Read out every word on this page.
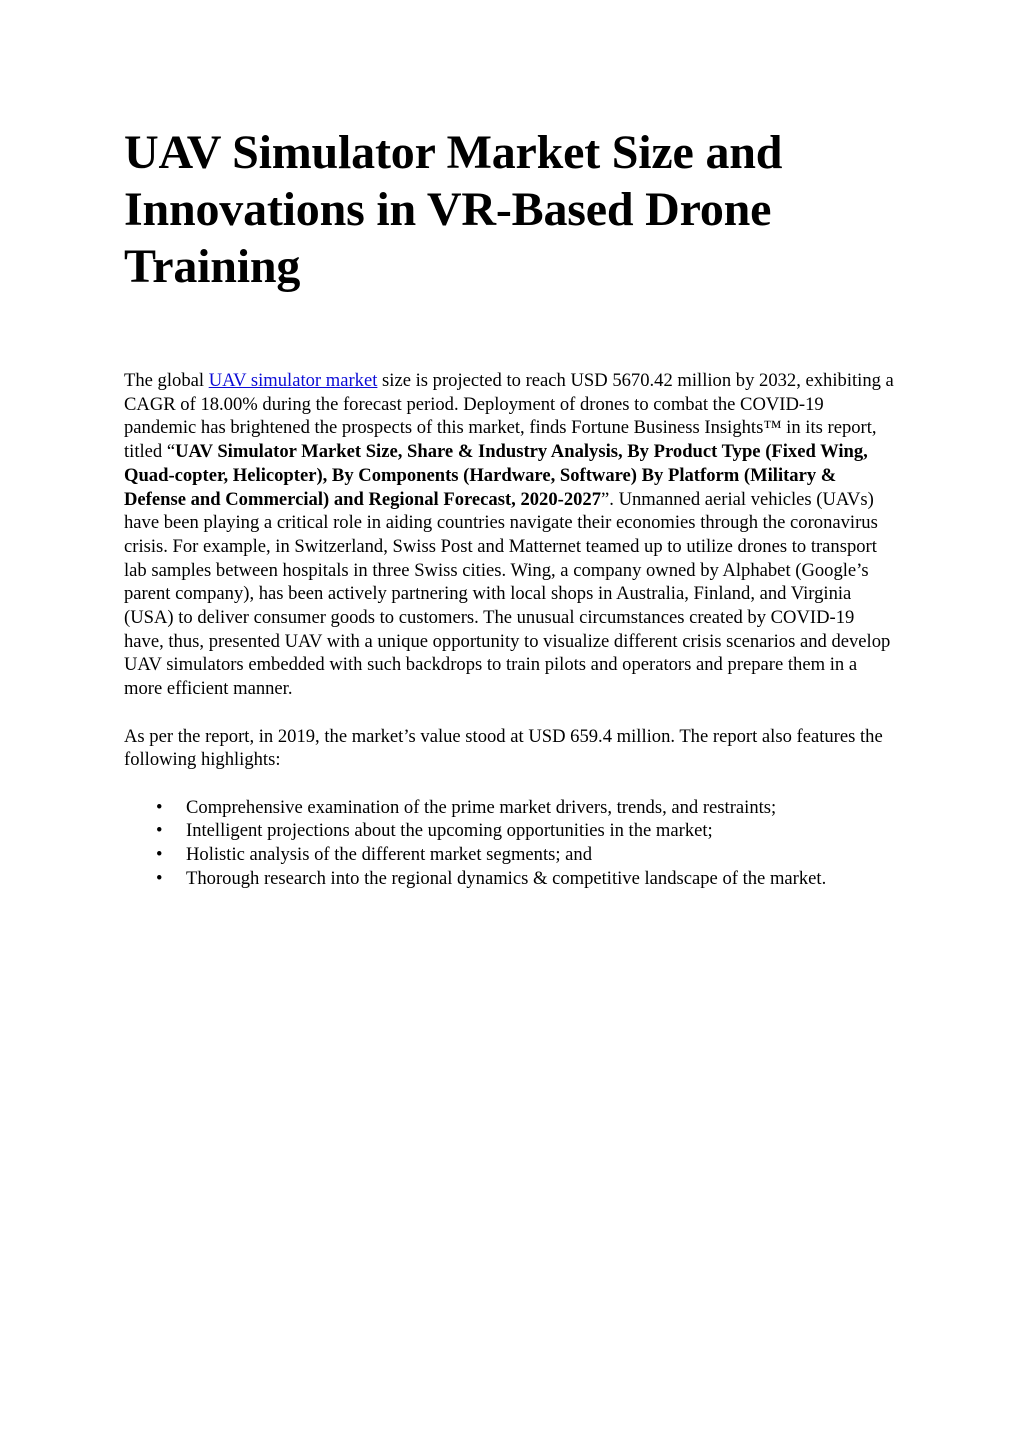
UAV Simulator Market Size and Innovations in VR-Based Drone Training

The global UAV simulator market size is projected to reach USD 5670.42 million by 2032, exhibiting a CAGR of 18.00% during the forecast period. Deployment of drones to combat the COVID-19 pandemic has brightened the prospects of this market, finds Fortune Business Insights™ in its report, titled “UAV Simulator Market Size, Share & Industry Analysis, By Product Type (Fixed Wing, Quad-copter, Helicopter), By Components (Hardware, Software) By Platform (Military & Defense and Commercial) and Regional Forecast, 2020-2027”. Unmanned aerial vehicles (UAVs) have been playing a critical role in aiding countries navigate their economies through the coronavirus crisis. For example, in Switzerland, Swiss Post and Matternet teamed up to utilize drones to transport lab samples between hospitals in three Swiss cities. Wing, a company owned by Alphabet (Google’s parent company), has been actively partnering with local shops in Australia, Finland, and Virginia (USA) to deliver consumer goods to customers. The unusual circumstances created by COVID-19 have, thus, presented UAV with a unique opportunity to visualize different crisis scenarios and develop UAV simulators embedded with such backdrops to train pilots and operators and prepare them in a more efficient manner.

As per the report, in 2019, the market’s value stood at USD 659.4 million. The report also features the following highlights:

• Comprehensive examination of the prime market drivers, trends, and restraints;
• Intelligent projections about the upcoming opportunities in the market;
• Holistic analysis of the different market segments; and
• Thorough research into the regional dynamics & competitive landscape of the market.
